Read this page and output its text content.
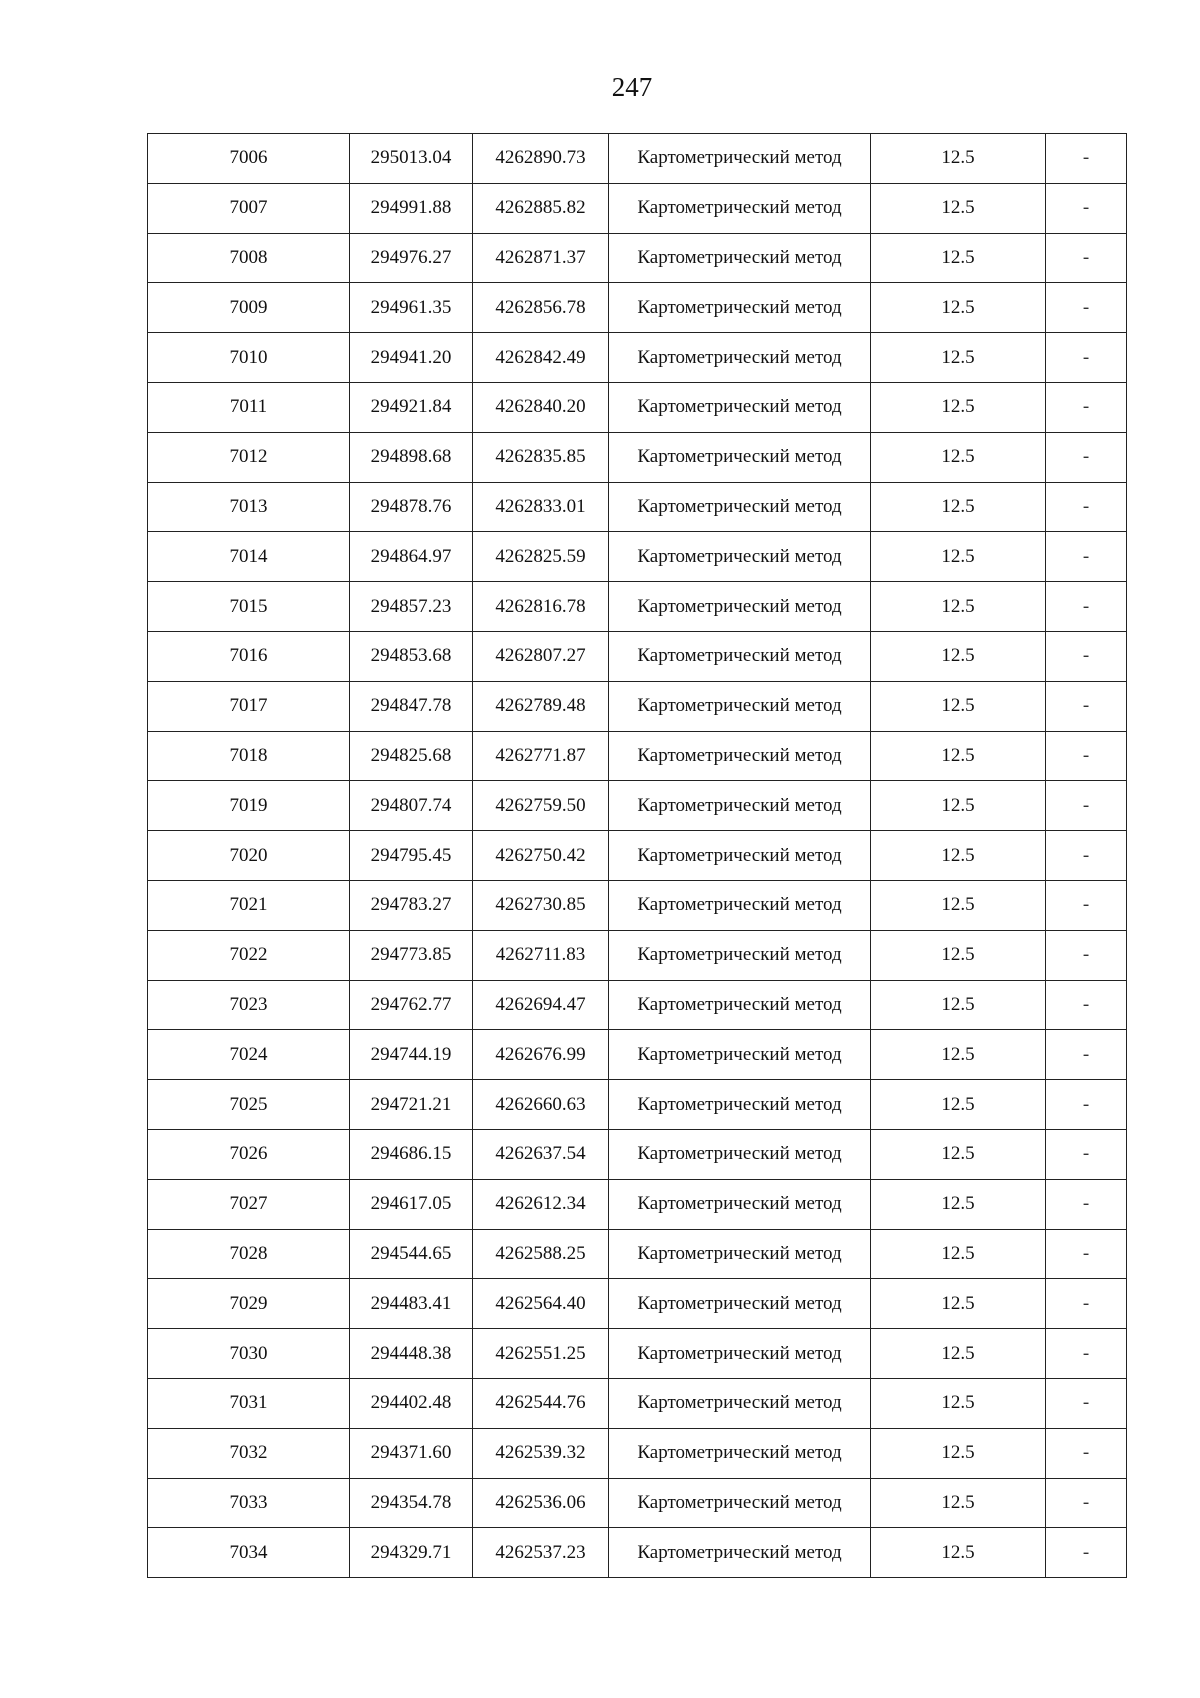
247
7006	295013.04	4262890.73	Картометрический метод	12.5	-
7007	294991.88	4262885.82	Картометрический метод	12.5	-
7008	294976.27	4262871.37	Картометрический метод	12.5	-
7009	294961.35	4262856.78	Картометрический метод	12.5	-
7010	294941.20	4262842.49	Картометрический метод	12.5	-
7011	294921.84	4262840.20	Картометрический метод	12.5	-
7012	294898.68	4262835.85	Картометрический метод	12.5	-
7013	294878.76	4262833.01	Картометрический метод	12.5	-
7014	294864.97	4262825.59	Картометрический метод	12.5	-
7015	294857.23	4262816.78	Картометрический метод	12.5	-
7016	294853.68	4262807.27	Картометрический метод	12.5	-
7017	294847.78	4262789.48	Картометрический метод	12.5	-
7018	294825.68	4262771.87	Картометрический метод	12.5	-
7019	294807.74	4262759.50	Картометрический метод	12.5	-
7020	294795.45	4262750.42	Картометрический метод	12.5	-
7021	294783.27	4262730.85	Картометрический метод	12.5	-
7022	294773.85	4262711.83	Картометрический метод	12.5	-
7023	294762.77	4262694.47	Картометрический метод	12.5	-
7024	294744.19	4262676.99	Картометрический метод	12.5	-
7025	294721.21	4262660.63	Картометрический метод	12.5	-
7026	294686.15	4262637.54	Картометрический метод	12.5	-
7027	294617.05	4262612.34	Картометрический метод	12.5	-
7028	294544.65	4262588.25	Картометрический метод	12.5	-
7029	294483.41	4262564.40	Картометрический метод	12.5	-
7030	294448.38	4262551.25	Картометрический метод	12.5	-
7031	294402.48	4262544.76	Картометрический метод	12.5	-
7032	294371.60	4262539.32	Картометрический метод	12.5	-
7033	294354.78	4262536.06	Картометрический метод	12.5	-
7034	294329.71	4262537.23	Картометрический метод	12.5	-
